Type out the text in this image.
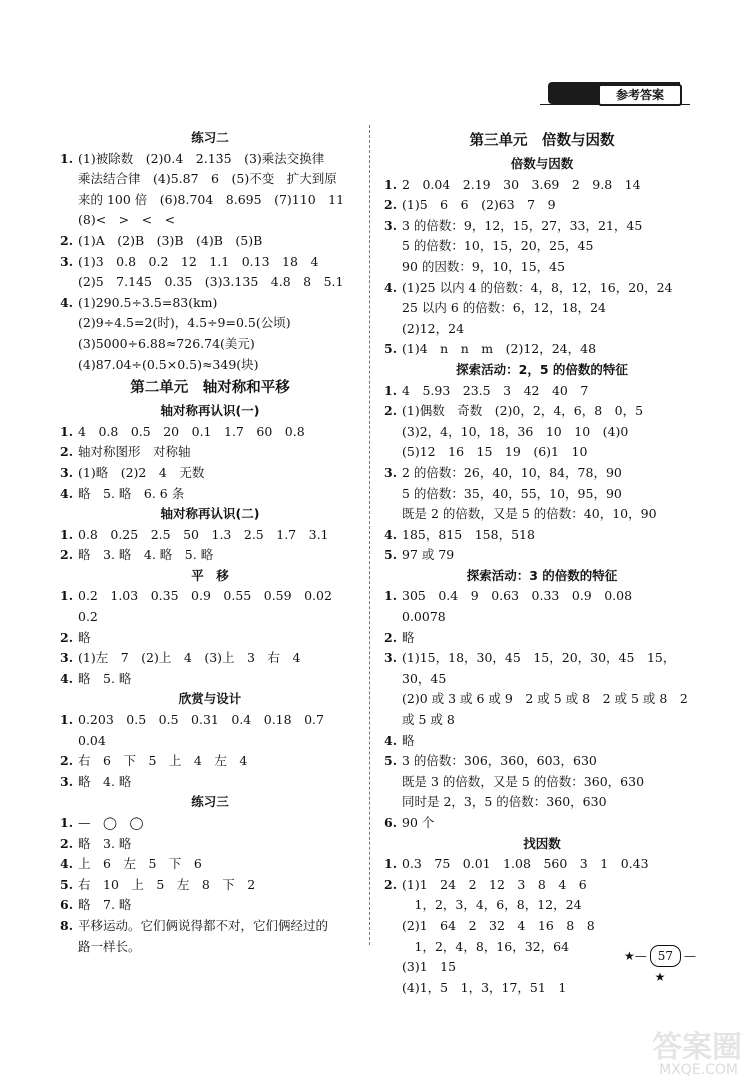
参考答案
练习二
1. (1)被除数　(2)0.4̇　2.13̇5̇　(3)乘法交换律
乘法结合律　(4)5.87　6　(5)不变　扩大到原
来的 100 倍　(6)8.704　8.695　(7)110　11
(8)<　>　<　<
2. (1)A　(2)B　(3)B　(4)B　(5)B
3. (1)3　0.8　0.2　12　1.1　0.13　18　4
(2)5　7.14̇5̇　0.35　(3)3.135　4.8　8　5.1
4. (1)290.5÷3.5=83(km)
(2)9÷4.5=2(时)，4.5÷9=0.5(公顷)
(3)5000÷6.88≈726.74(美元)
(4)87.04÷(0.5×0.5)≈349(块)
第二单元　轴对称和平移
轴对称再认识(一)
1. 4　0.8　0.5　20　0.1　1.7　60　0.8
2. 轴对称图形　对称轴
3. (1)略　(2)2　4　无数
4. 略　5. 略　6. 6 条
轴对称再认识(二)
1. 0.8　0.25　2.5　50　1.3　2.5　1.7　3.1
2. 略　3. 略　4. 略　5. 略
平　移
1. 0.2　1.03　0.35　0.9　0.55　0.59　0.02
0.2
2. 略
3. (1)左　7　(2)上　4　(3)上　3　右　4
4. 略　5. 略
欣赏与设计
1. 0.203　0.5　0.5　0.31　0.4　0.18　0.7
0.04
2. 右　6　下　5　上　4　左　4
3. 略　4. 略
练习三
1. —　◯　◯
2. 略　3. 略
4. 上　6　左　5　下　6
5. 右　10　上　5　左　8　下　2
6. 略　7. 略
8. 平移运动。它们俩说得都不对，它们俩经过的
路一样长。
第三单元　倍数与因数
倍数与因数
1. 2　0.04　2.19　30　3.69　2　9.8　14
2. (1)5　6　6　(2)63　7　9
3. 3 的倍数：9，12，15，27，33，21，45
5 的倍数：10，15，20，25，45
90 的因数：9，10，15，45
4. (1)25 以内 4 的倍数：4，8，12，16，20，24
25 以内 6 的倍数：6，12，18，24
(2)12，24
5. (1)4　n　n　m　(2)12，24，48
探索活动：2，5 的倍数的特征
1. 4　5.93　23.5　3　42　40　7
2. (1)偶数　奇数　(2)0，2，4，6，8　0，5
(3)2，4，10，18，36　10　10　(4)0
(5)12　16　15　19　(6)1　10
3. 2 的倍数：26，40，10，84，78，90
5 的倍数：35，40，55，10，95，90
既是 2 的倍数，又是 5 的倍数：40，10，90
4. 185，815　158，518
5. 97 或 79
探索活动：3 的倍数的特征
1. 305　0.4　9　0.63　0.33　0.9　0.08
0.0078
2. 略
3. (1)15，18，30，45　15，20，30，45　15，
30，45
(2)0 或 3 或 6 或 9　2 或 5 或 8　2 或 5 或 8　2
或 5 或 8
4. 略
5. 3 的倍数：306，360，603，630
既是 3 的倍数，又是 5 的倍数：360，630
同时是 2，3，5 的倍数：360，630
6. 90 个
找因数
1. 0.3　75　0.01　1.08　560　3　1　0.43
2. (1)1　24　2　12　3　8　4　6
　1，2，3，4，6，8，12，24
(2)1　64　2　32　4　16　8　8
　1，2，4，8，16，32，64
(3)1　15
(4)1，5　1，3，17，51　1
★— 57 —★
答案圈
MXQE.COM
